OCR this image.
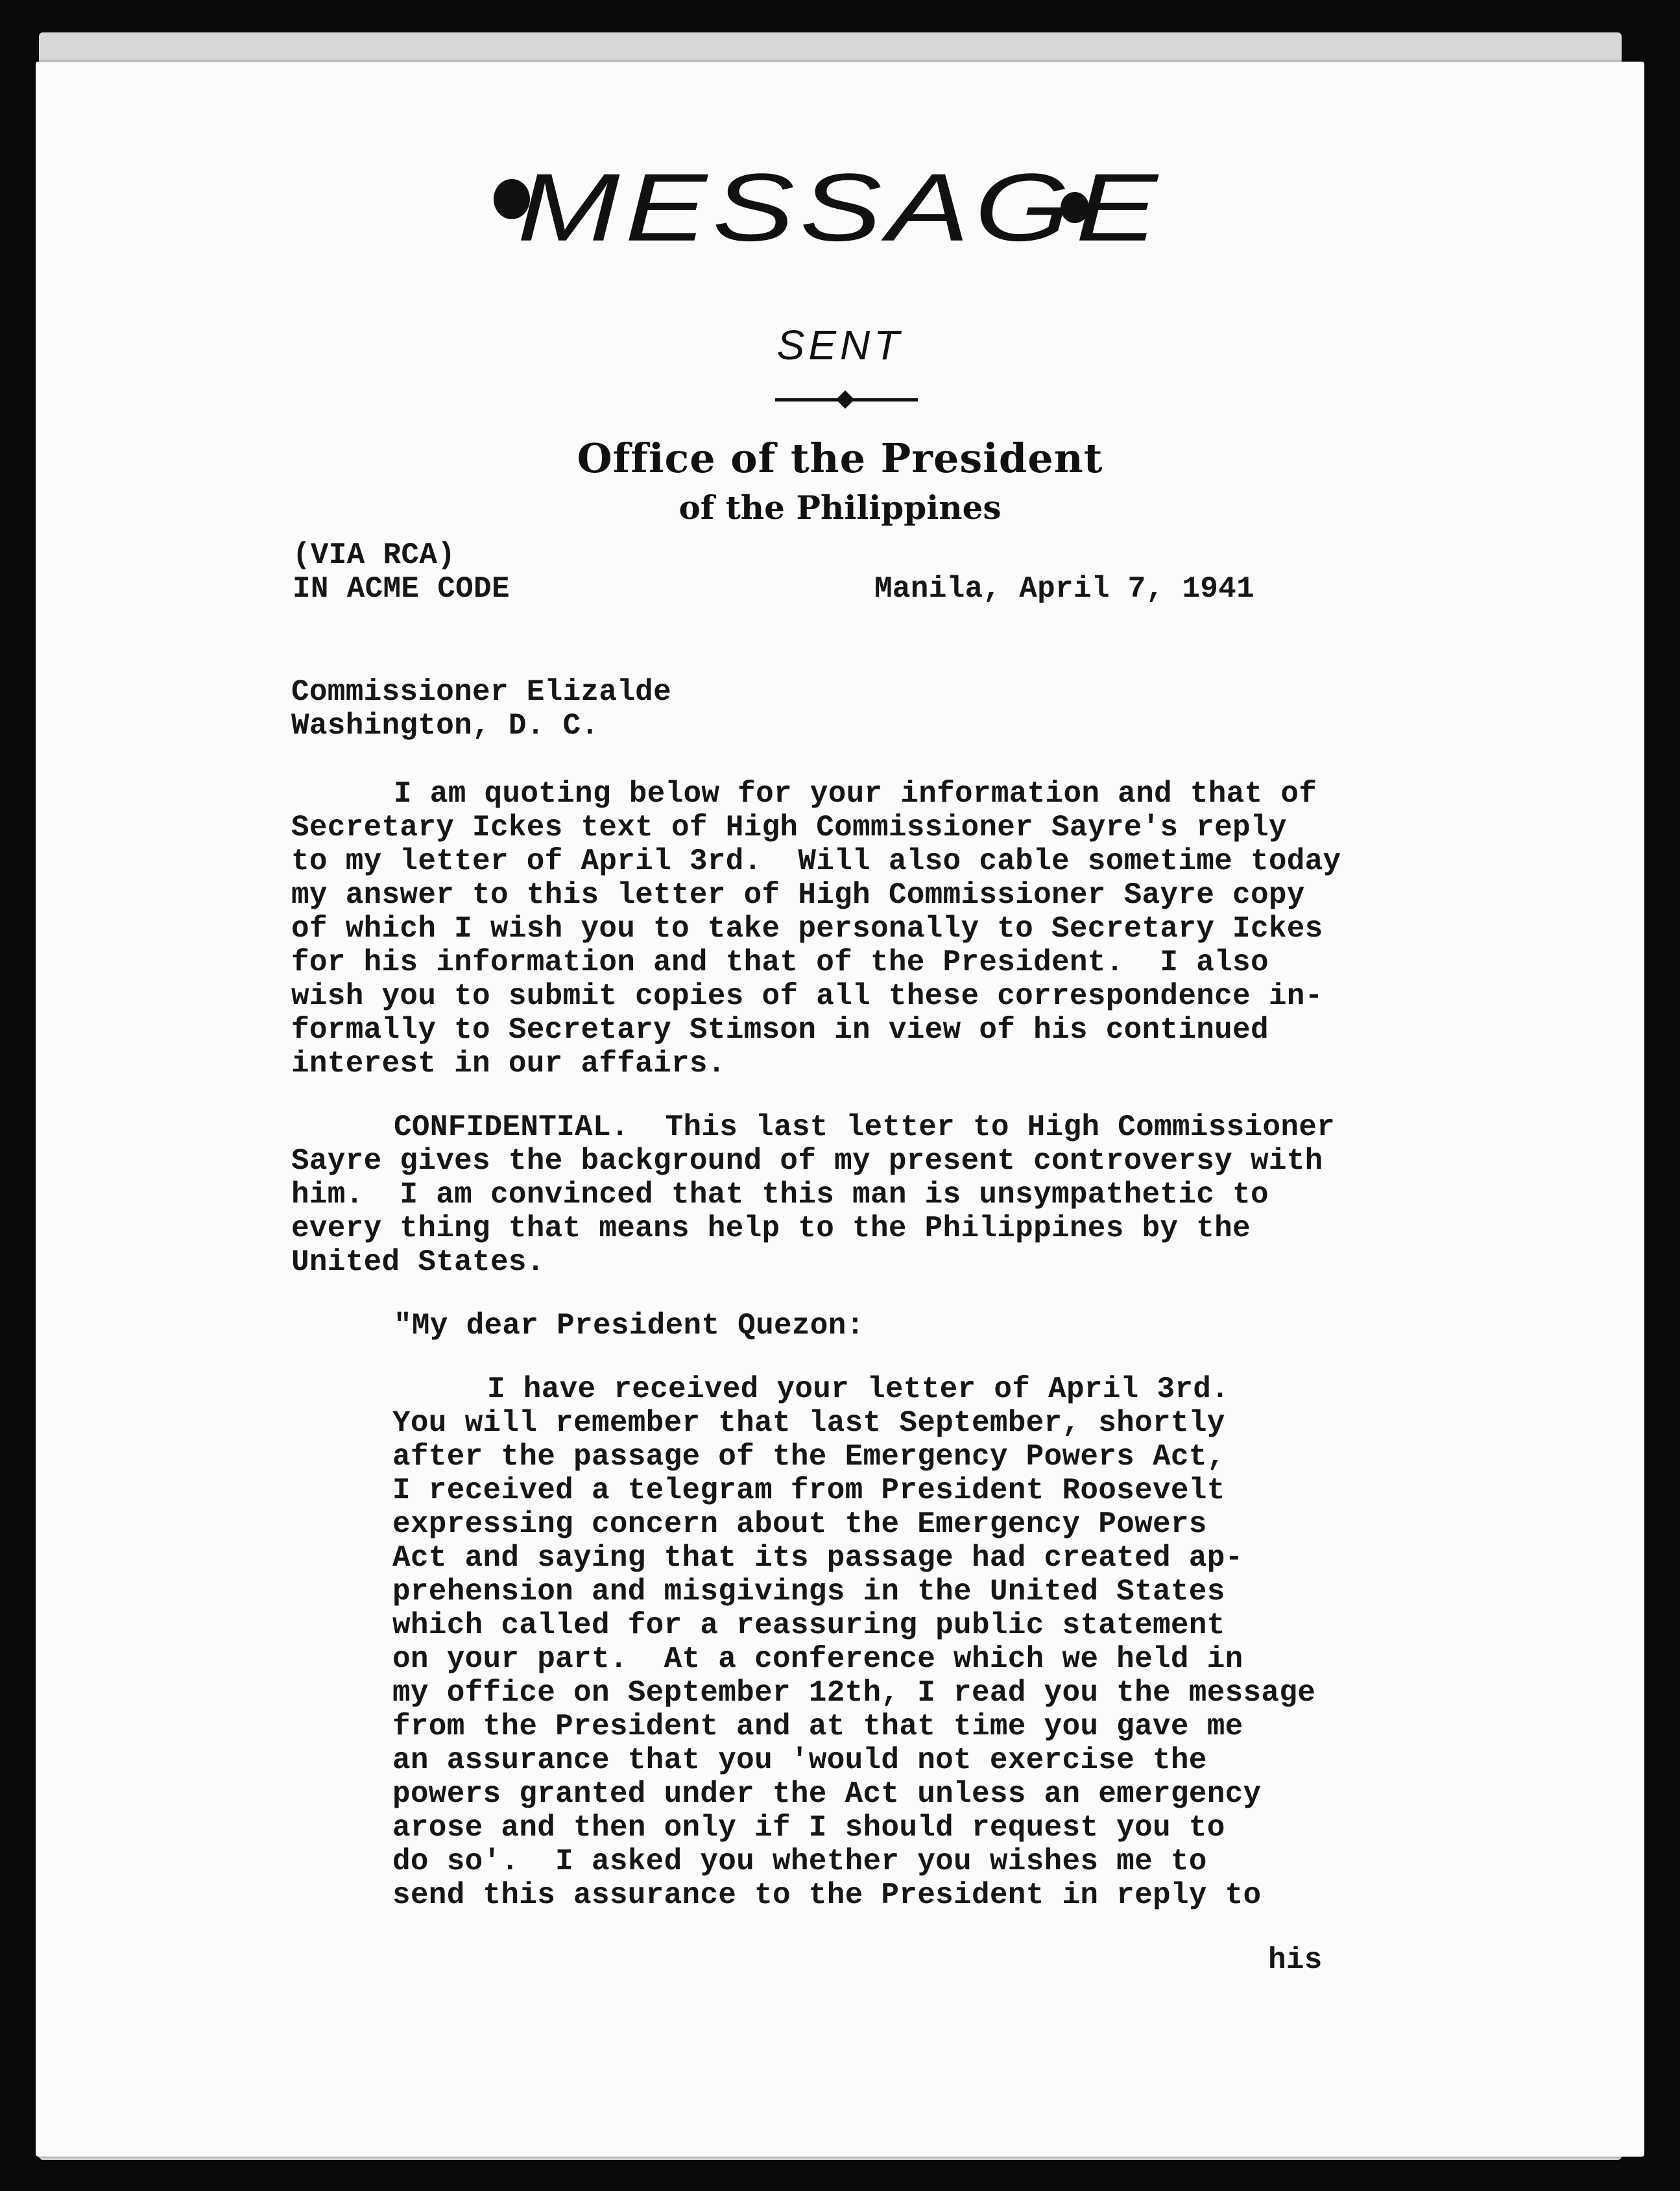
MESSAGE
SENT
Office of the President
of the Philippines
(VIA RCA)
IN ACME CODE	Manila, April 7, 1941
Commissioner Elizalde
Washington, D. C.
I am quoting below for your information and that of
Secretary Ickes text of High Commissioner Sayre's reply
to my letter of April 3rd.  Will also cable sometime today
my answer to this letter of High Commissioner Sayre copy
of which I wish you to take personally to Secretary Ickes
for his information and that of the President.  I also
wish you to submit copies of all these correspondence in-
formally to Secretary Stimson in view of his continued
interest in our affairs.
CONFIDENTIAL.  This last letter to High Commissioner
Sayre gives the background of my present controversy with
him.  I am convinced that this man is unsympathetic to
every thing that means help to the Philippines by the
United States.
"My dear President Quezon:
I have received your letter of April 3rd.
You will remember that last September, shortly
after the passage of the Emergency Powers Act,
I received a telegram from President Roosevelt
expressing concern about the Emergency Powers
Act and saying that its passage had created ap-
prehension and misgivings in the United States
which called for a reassuring public statement
on your part.  At a conference which we held in
my office on September 12th, I read you the message
from the President and at that time you gave me
an assurance that you 'would not exercise the
powers granted under the Act unless an emergency
arose and then only if I should request you to
do so'.  I asked you whether you wishes me to
send this assurance to the President in reply to
his
